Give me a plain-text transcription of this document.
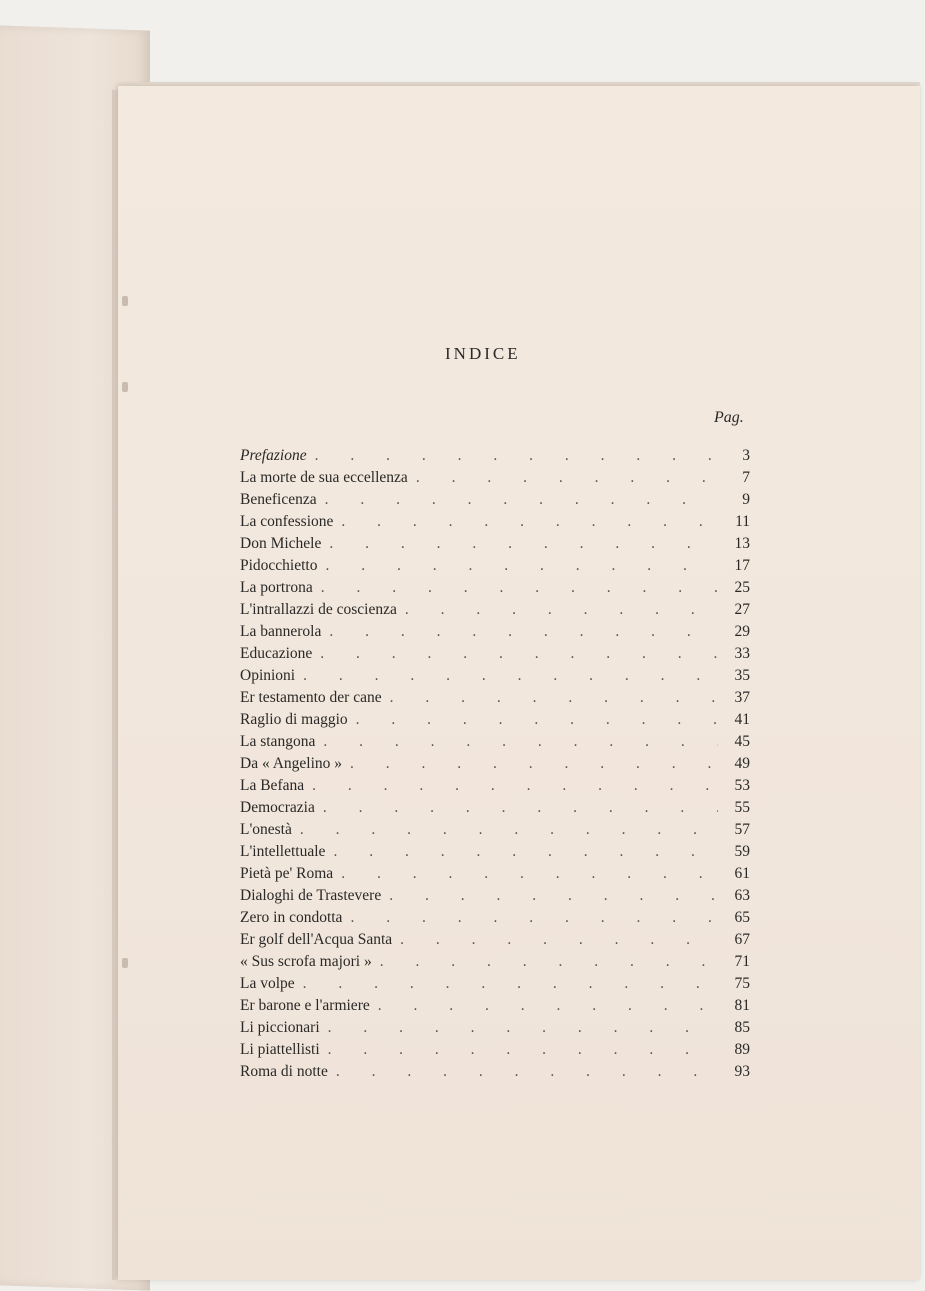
INDICE
Pag.
Prefazione . . .	3
La morte de sua eccellenza . . .	7
Beneficenza . . .	9
La confessione . . .	11
Don Michele . . .	13
Pidocchietto . . .	17
La portrona . . .	25
L'intrallazzi de coscienza . . .	27
La bannerola . . .	29
Educazione . . .	33
Opinioni . . .	35
Er testamento der cane . . .	37
Raglio di maggio . . .	41
La stangona . . .	45
Da « Angelino » . . .	49
La Befana . . .	53
Democrazia . . .	55
L'onestà . . .	57
L'intellettuale . . .	59
Pietà pe' Roma . . .	61
Dialoghi de Trastevere . . .	63
Zero in condotta . . .	65
Er golf dell'Acqua Santa . . .	67
« Sus scrofa majori » . . .	71
La volpe . . .	75
Er barone e l'armiere . . .	81
Li piccionari . . .	85
Li piattellisti . . .	89
Roma di notte . . .	93
